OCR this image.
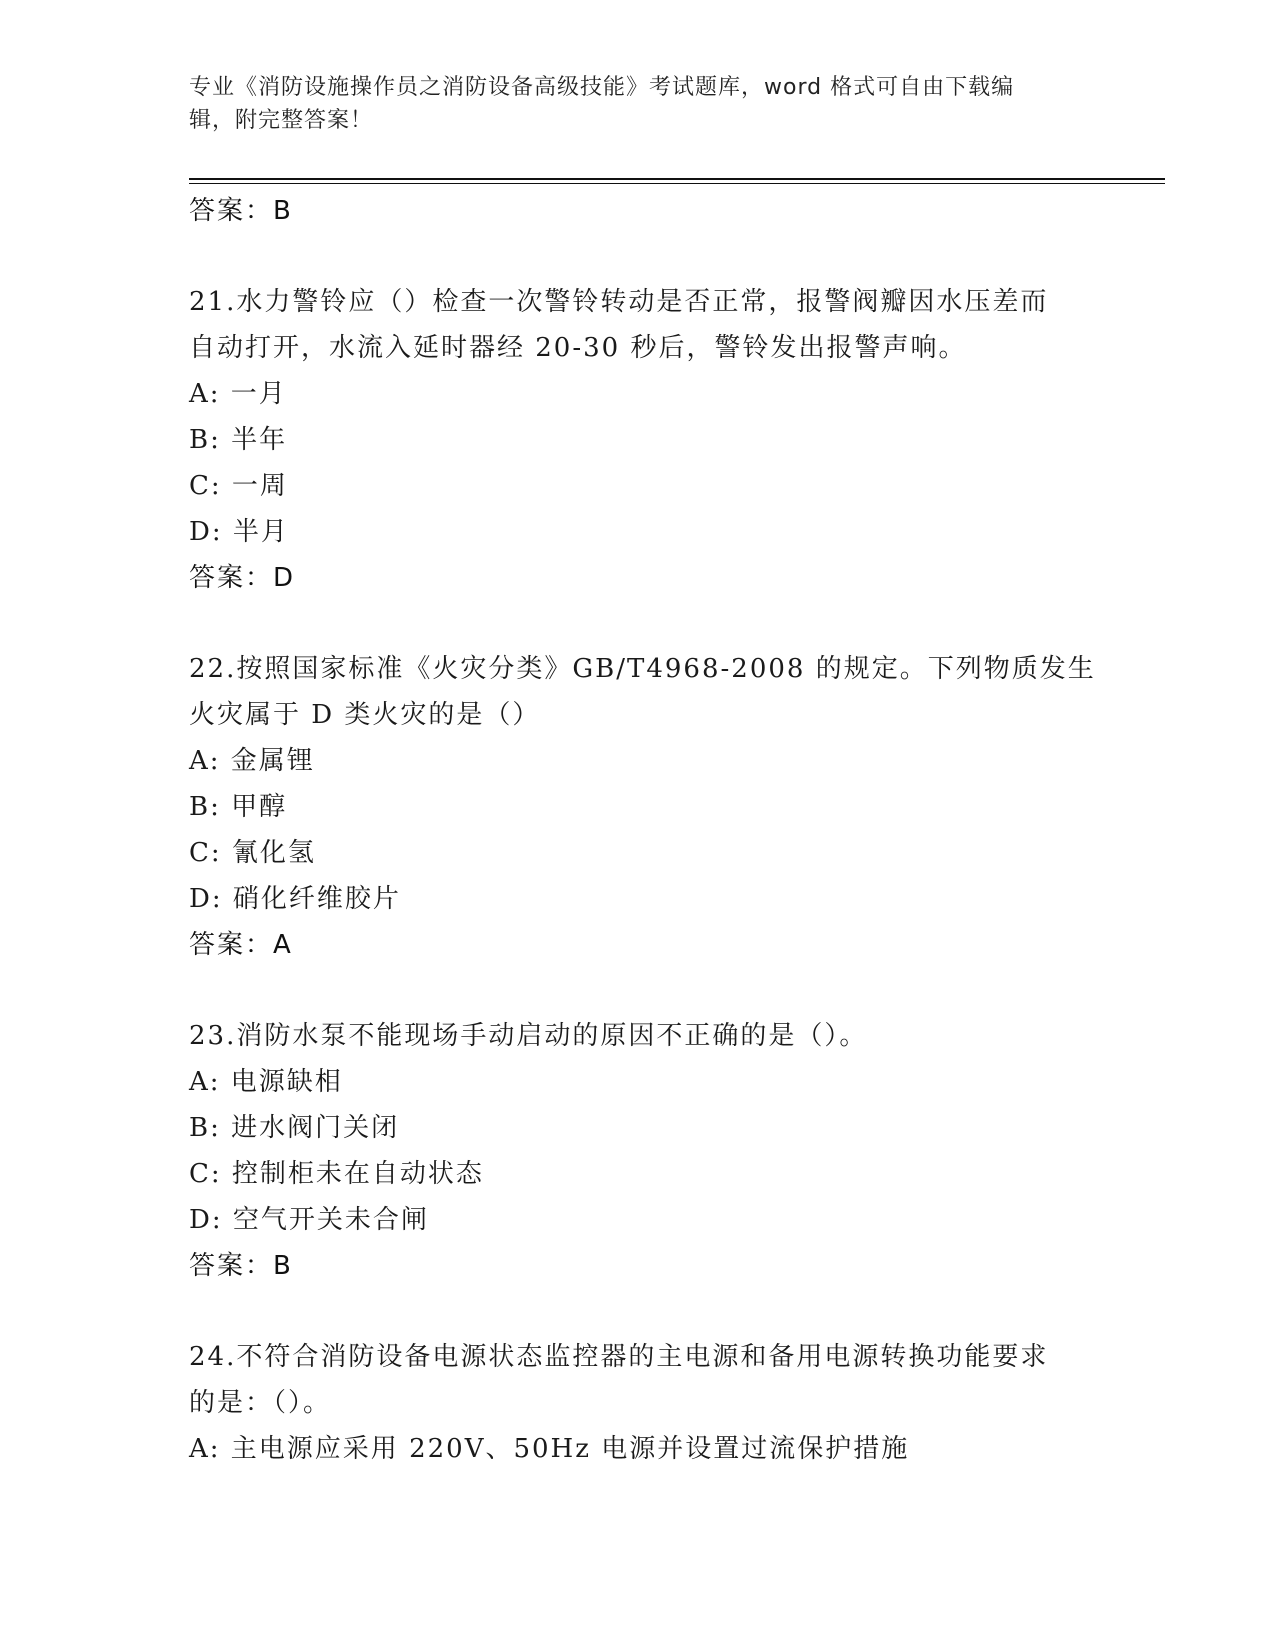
专业《消防设施操作员之消防设备高级技能》考试题库，word 格式可自由下载编
辑，附完整答案！
答案：B
21.水力警铃应（）检查一次警铃转动是否正常，报警阀瓣因水压差而
自动打开，水流入延时器经 20-30 秒后，警铃发出报警声响。
A: 一月
B: 半年
C: 一周
D: 半月
答案：D
22.按照国家标准《火灾分类》GB/T4968-2008 的规定。下列物质发生
火灾属于 D 类火灾的是（）
A: 金属锂
B: 甲醇
C: 氰化氢
D: 硝化纤维胶片
答案：A
23.消防水泵不能现场手动启动的原因不正确的是（）。
A: 电源缺相
B: 进水阀门关闭
C: 控制柜未在自动状态
D: 空气开关未合闸
答案：B
24.不符合消防设备电源状态监控器的主电源和备用电源转换功能要求
的是：（）。
A: 主电源应采用 220V、50Hz 电源并设置过流保护措施
